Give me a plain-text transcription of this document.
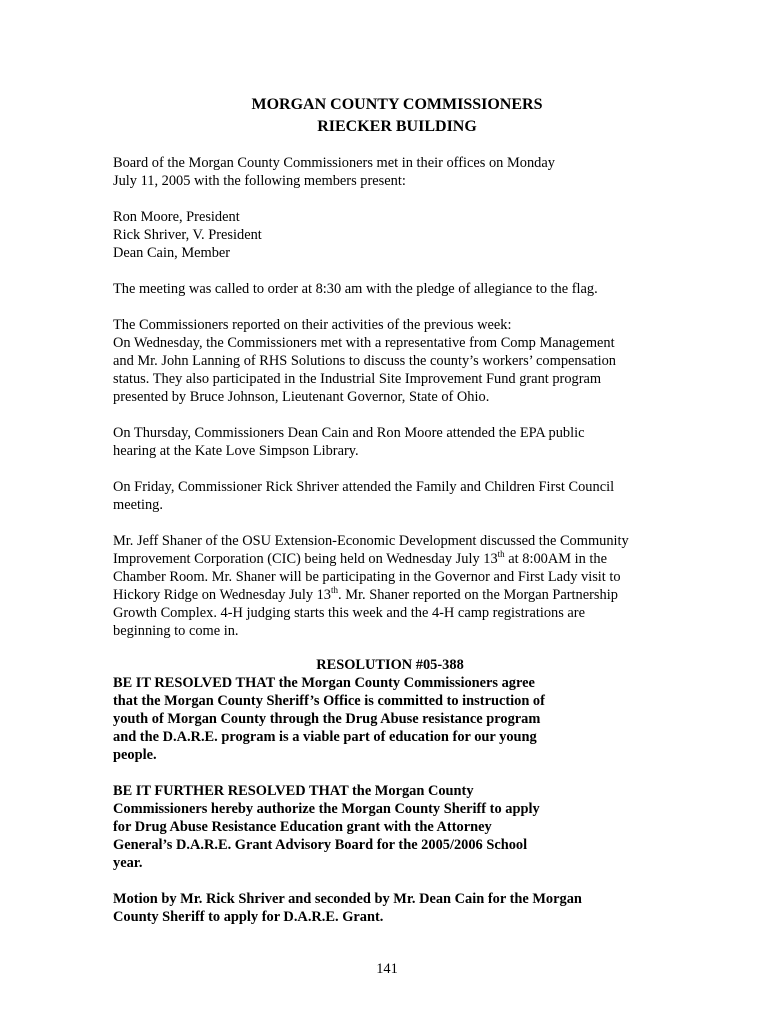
MORGAN COUNTY COMMISSIONERS
RIECKER BUILDING
Board of the Morgan County Commissioners met in their offices on Monday
July 11, 2005 with the following members present:
Ron Moore, President
Rick Shriver, V. President
Dean Cain, Member
The meeting was called to order at 8:30 am with the pledge of allegiance to the flag.
The Commissioners reported on their activities of the previous week:
On Wednesday, the Commissioners met with a representative from Comp Management
and Mr. John Lanning of RHS Solutions to discuss the county’s workers’ compensation
status. They also participated in the Industrial Site Improvement Fund grant program
presented by Bruce Johnson, Lieutenant Governor, State of Ohio.
On Thursday, Commissioners Dean Cain and Ron Moore attended the EPA public
hearing at the Kate Love Simpson Library.
On Friday, Commissioner Rick Shriver attended the Family and Children First Council
meeting.
Mr. Jeff Shaner of the OSU Extension-Economic Development discussed the Community
Improvement Corporation (CIC) being held on Wednesday July 13th at 8:00AM in the
Chamber Room. Mr. Shaner will be participating in the Governor and First Lady visit to
Hickory Ridge on Wednesday July 13th. Mr. Shaner reported on the Morgan Partnership
Growth Complex. 4-H judging starts this week and the 4-H camp registrations are
beginning to come in.
RESOLUTION #05-388
BE IT RESOLVED THAT the Morgan County Commissioners agree
that the Morgan County Sheriff’s Office is committed to instruction of
youth of Morgan County through the Drug Abuse resistance program
and the D.A.R.E. program is a viable part of education for our young
people.
BE IT FURTHER RESOLVED THAT the Morgan County
Commissioners hereby authorize the Morgan County Sheriff to apply
for Drug Abuse Resistance Education grant with the Attorney
General’s D.A.R.E. Grant Advisory Board for the 2005/2006 School
year.
Motion by Mr. Rick Shriver and seconded by Mr. Dean Cain for the Morgan
County Sheriff to apply for D.A.R.E. Grant.
141
